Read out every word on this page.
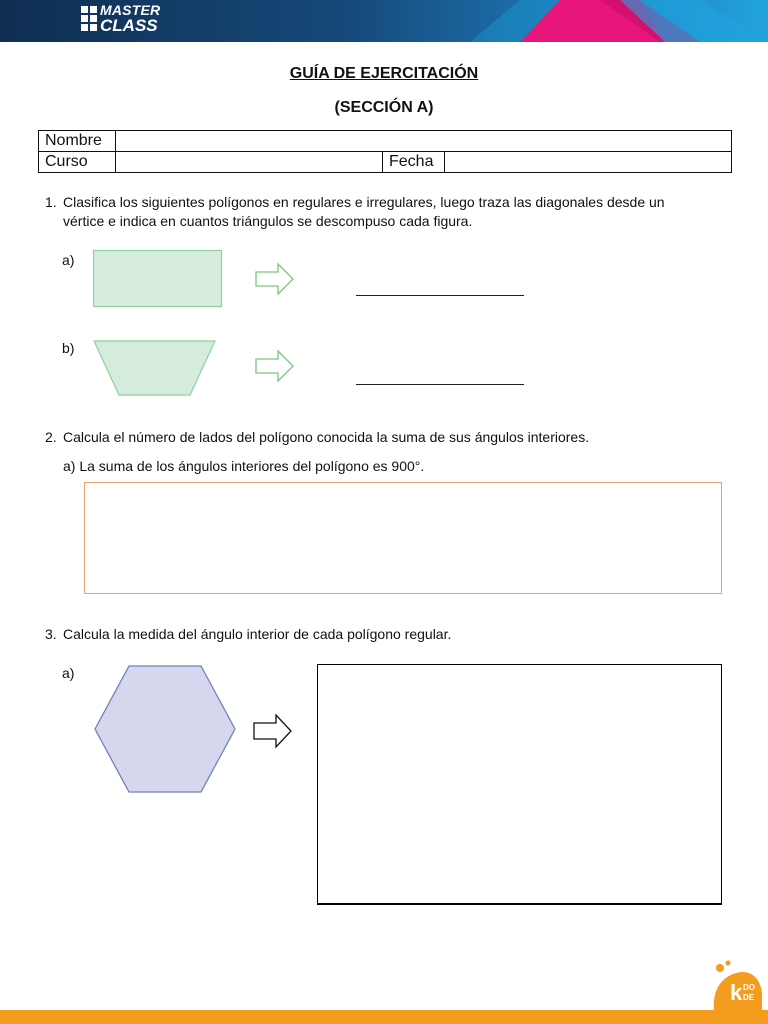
MASTER
CLASS
GUÍA DE EJERCITACIÓN
(SECCIÓN A)
Nombre			
Curso		Fecha	
1. Clasifica los siguientes polígonos en regulares e irregulares, luego traza las diagonales desde un
vértice e indica en cuantos triángulos se descompuso cada figura.
a)
b)
2. Calcula el número de lados del polígono conocida la suma de sus ángulos interiores.
a) La suma de los ángulos interiores del polígono es 900°.
3. Calcula la medida del ángulo interior de cada polígono regular.
a)
k DO
DE
